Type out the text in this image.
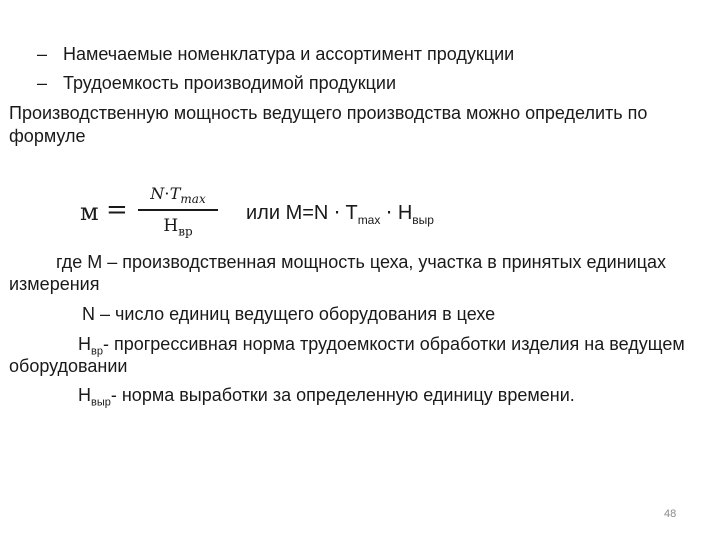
– Намечаемые номенклатура и ассортимент продукции
– Трудоемкость производимой продукции
Производственную мощность ведущего производства можно определить по
формуле
м =
$N\cdot T_{max}$
$Н_{вр}$
или $M=N \cdot T_{max} \cdot Н_{выр}$
где М – производственная мощность цеха, участка в принятых единицах
измерения
N – число единиц ведущего оборудования в цехе
$Н_{вр}-$ прогрессивная норма трудоемкости обработки изделия на ведущем
оборудовании
$Н_{выр}-$ норма выработки за определенную единицу времени.
48
